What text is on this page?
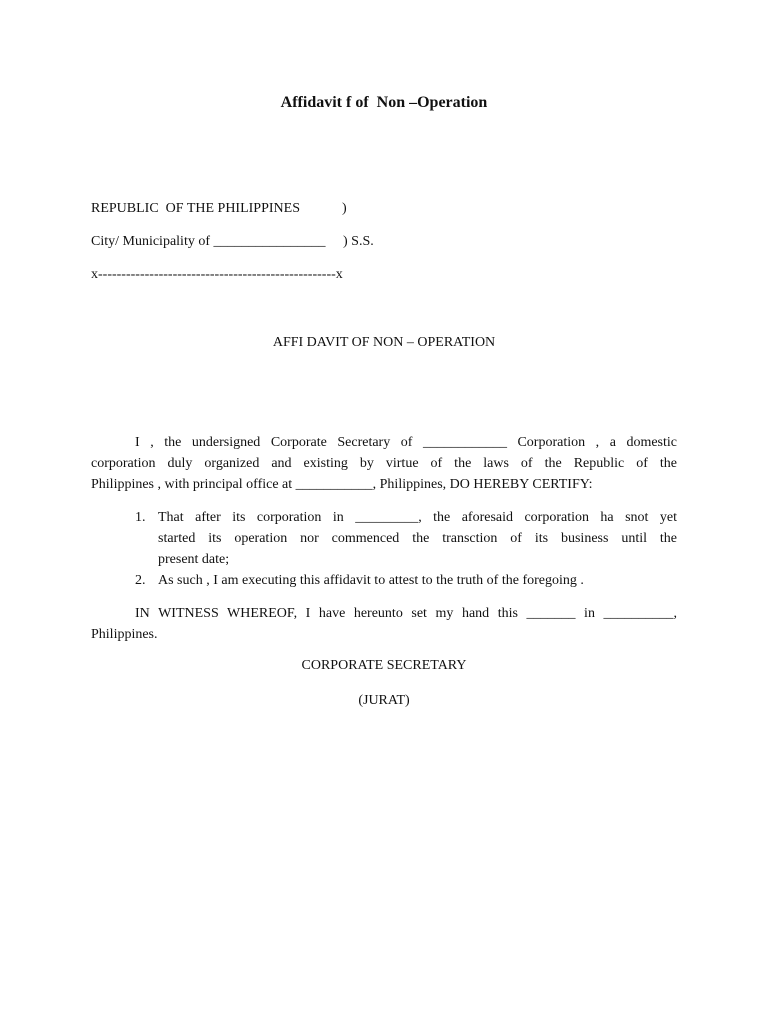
Affidavit f of  Non –Operation
REPUBLIC  OF THE PHILIPPINES            )
City/ Municipality of ________________     ) S.S.
x---------------------------------------------------x
AFFI DAVIT OF NON – OPERATION
I , the undersigned Corporate Secretary of ____________ Corporation , a domestic
corporation duly organized and existing by virtue of the laws of the Republic of the
Philippines , with principal office at ___________, Philippines, DO HEREBY CERTIFY:
1. That after its corporation in _________, the aforesaid corporation ha snot yet
started its operation nor commenced the transction of its business until the
present date;
2. As such , I am executing this affidavit to attest to the truth of the foregoing .
IN WITNESS WHEREOF, I have hereunto set my hand this _______ in __________,
Philippines.
CORPORATE SECRETARY
(JURAT)
